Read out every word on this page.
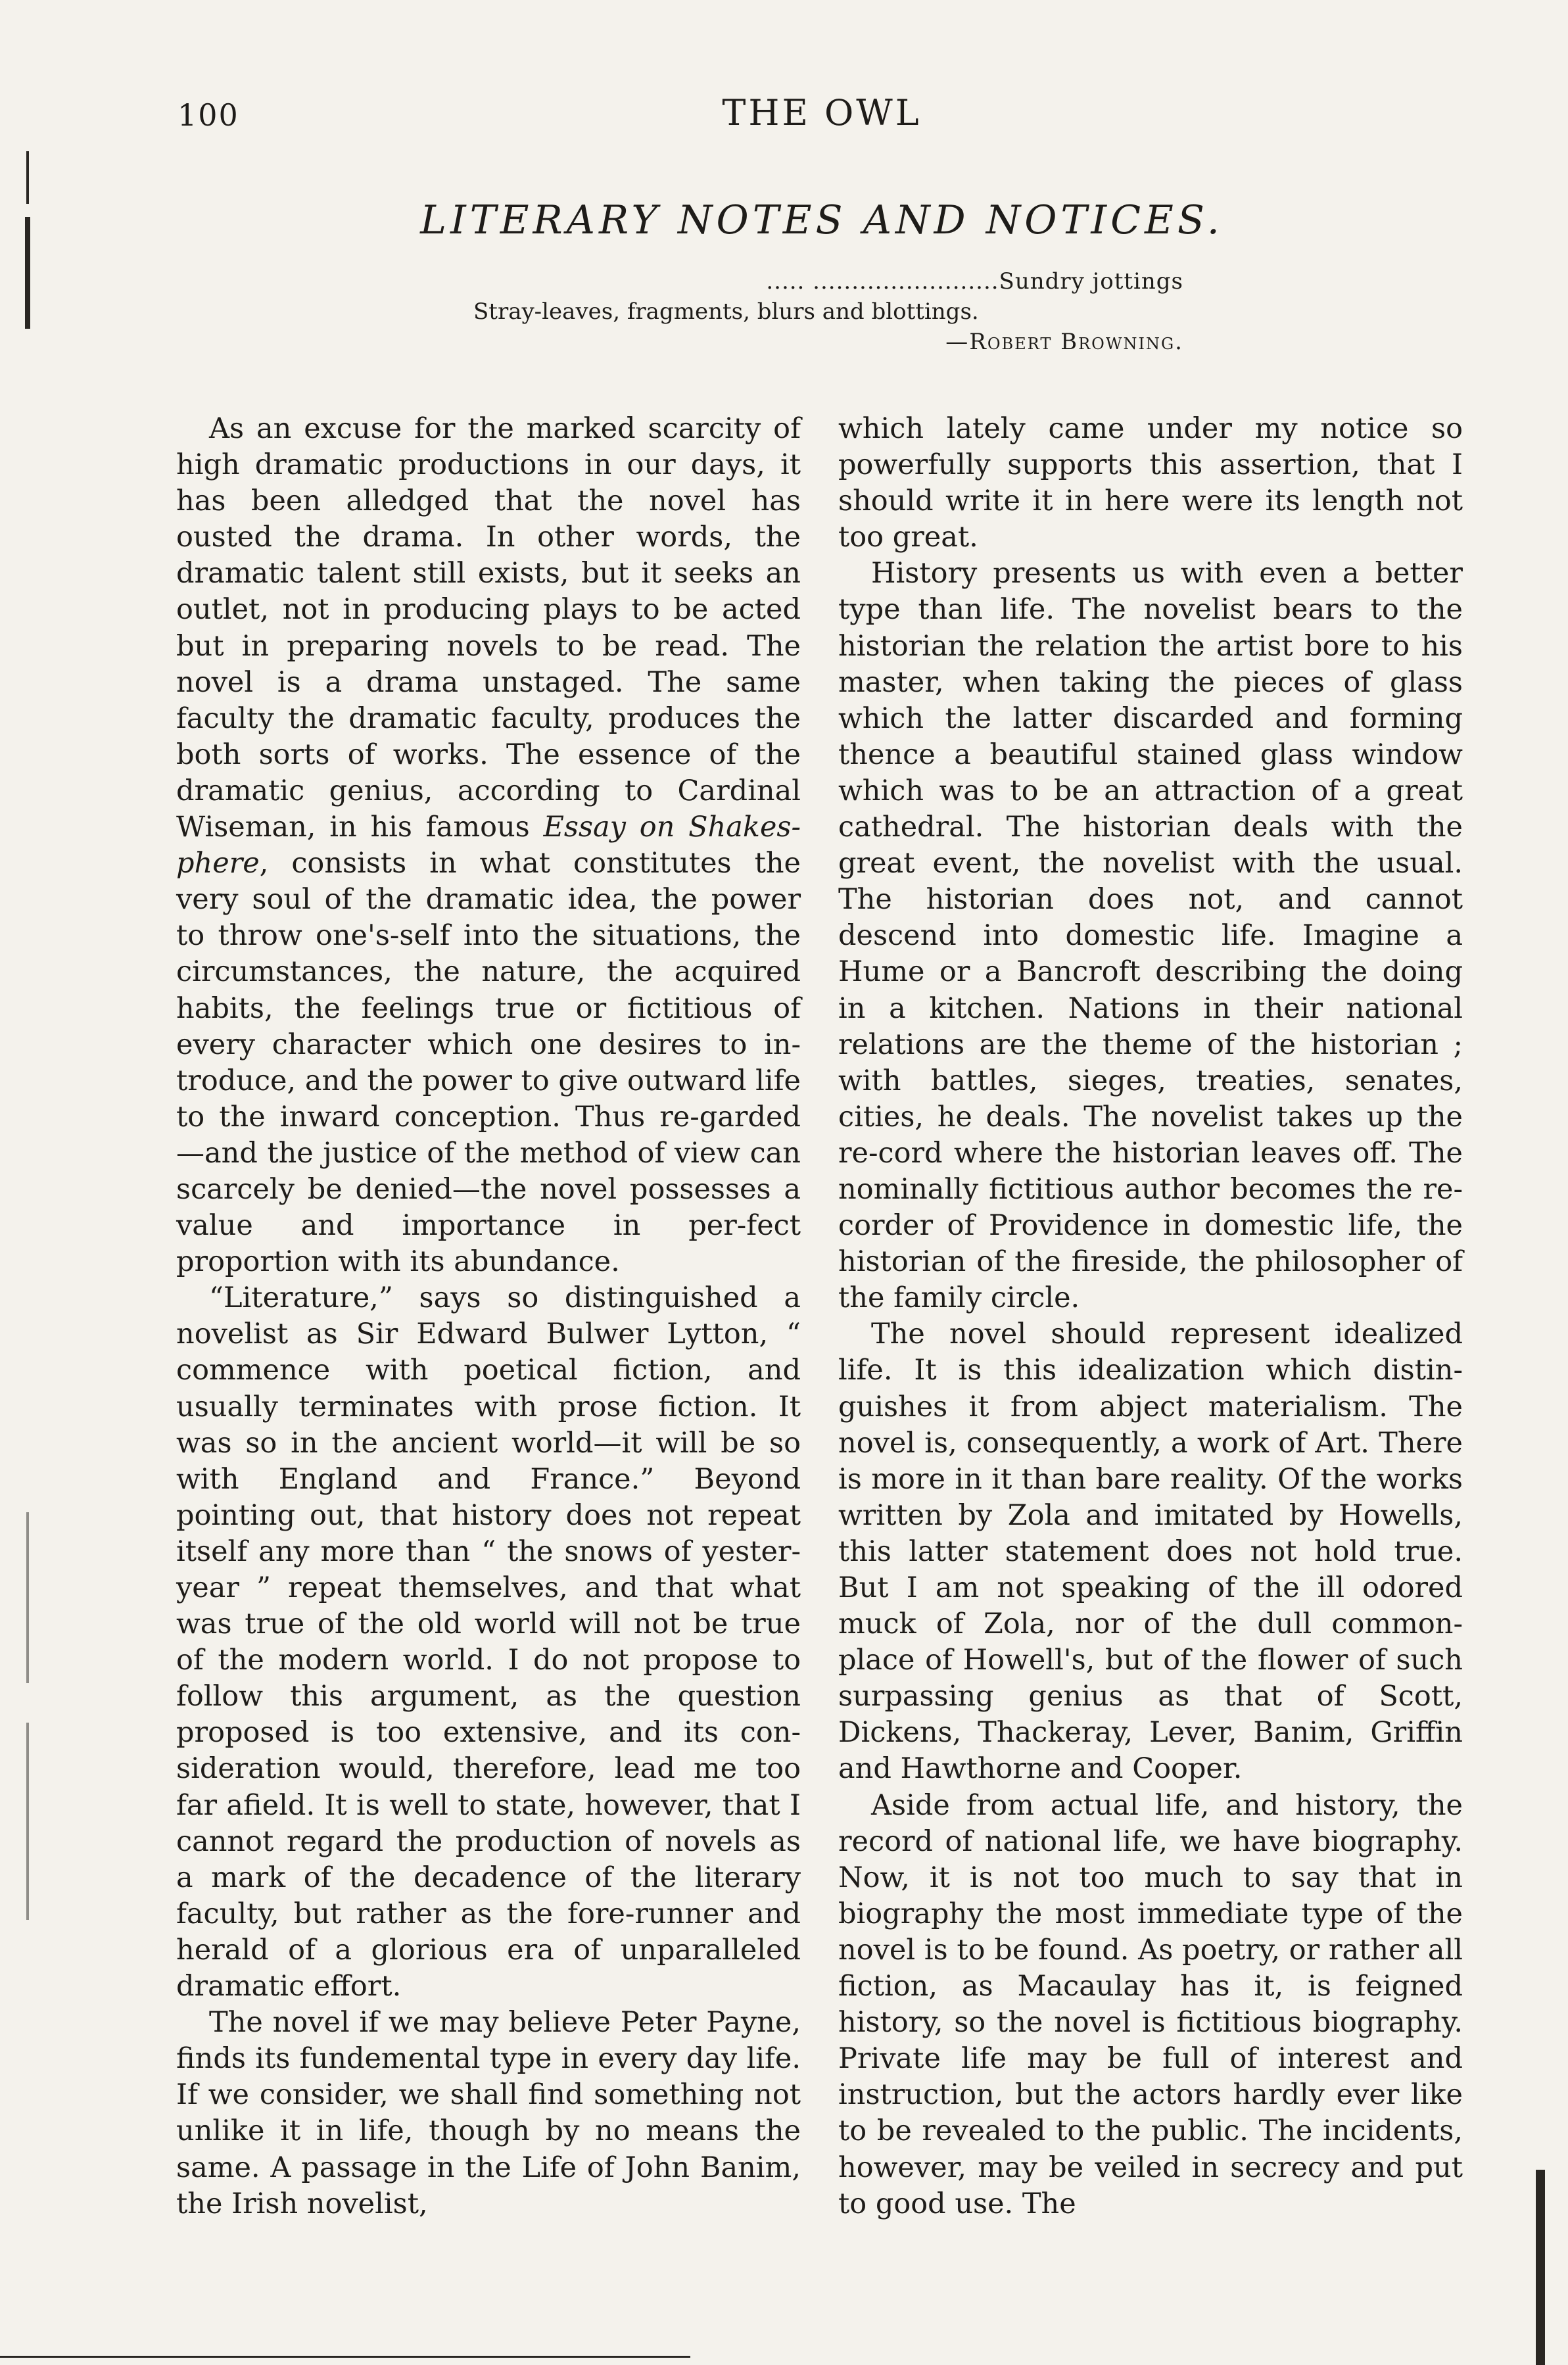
100	THE OWL
LITERARY NOTES AND NOTICES.
..... ........................Sundry jottings
Stray-leaves, fragments, blurs and blottings.
—Robert Browning.

As an excuse for the marked scarcity of high dramatic productions in our days, it has been alledged that the novel has ousted the drama. In other words, the dramatic talent still exists, but it seeks an outlet, not in producing plays to be acted but in preparing novels to be read. The novel is a drama unstaged. The same faculty the dramatic faculty, produces the both sorts of works. The essence of the dramatic genius, according to Cardinal Wiseman, in his famous Essay on Shakes-phere, consists in what constitutes the very soul of the dramatic idea, the power to throw one's-self into the situations, the circumstances, the nature, the acquired habits, the feelings true or fictitious of every character which one desires to in-troduce, and the power to give outward life to the inward conception. Thus re-garded—and the justice of the method of view can scarcely be denied—the novel possesses a value and importance in per-fect proportion with its abundance.

“Literature,” says so distinguished a novelist as Sir Edward Bulwer Lytton, “ commence with poetical fiction, and usually terminates with prose fiction. It was so in the ancient world—it will be so with England and France.” Beyond pointing out, that history does not repeat itself any more than “ the snows of yester-year ” repeat themselves, and that what was true of the old world will not be true of the modern world. I do not propose to follow this argument, as the question proposed is too extensive, and its con-sideration would, therefore, lead me too far afield. It is well to state, however, that I cannot regard the production of novels as a mark of the decadence of the literary faculty, but rather as the fore-runner and herald of a glorious era of unparalleled dramatic effort.

The novel if we may believe Peter Payne, finds its fundemental type in every day life. If we consider, we shall find something not unlike it in life, though by no means the same. A passage in the Life of John Banim, the Irish novelist,

which lately came under my notice so powerfully supports this assertion, that I should write it in here were its length not too great.

History presents us with even a better type than life. The novelist bears to the historian the relation the artist bore to his master, when taking the pieces of glass which the latter discarded and forming thence a beautiful stained glass window which was to be an attraction of a great cathedral. The historian deals with the great event, the novelist with the usual. The historian does not, and cannot descend into domestic life. Imagine a Hume or a Bancroft describing the doing in a kitchen. Nations in their national relations are the theme of the historian ; with battles, sieges, treaties, senates, cities, he deals. The novelist takes up the re-cord where the historian leaves off. The nominally fictitious author becomes the re-corder of Providence in domestic life, the historian of the fireside, the philosopher of the family circle.

The novel should represent idealized life. It is this idealization which distin-guishes it from abject materialism. The novel is, consequently, a work of Art. There is more in it than bare reality. Of the works written by Zola and imitated by Howells, this latter statement does not hold true. But I am not speaking of the ill odored muck of Zola, nor of the dull common-place of Howell's, but of the flower of such surpassing genius as that of Scott, Dickens, Thackeray, Lever, Banim, Griffin and Hawthorne and Cooper.

Aside from actual life, and history, the record of national life, we have biography. Now, it is not too much to say that in biography the most immediate type of the novel is to be found. As poetry, or rather all fiction, as Macaulay has it, is feigned history, so the novel is fictitious biography. Private life may be full of interest and instruction, but the actors hardly ever like to be revealed to the public. The incidents, however, may be veiled in secrecy and put to good use. The
